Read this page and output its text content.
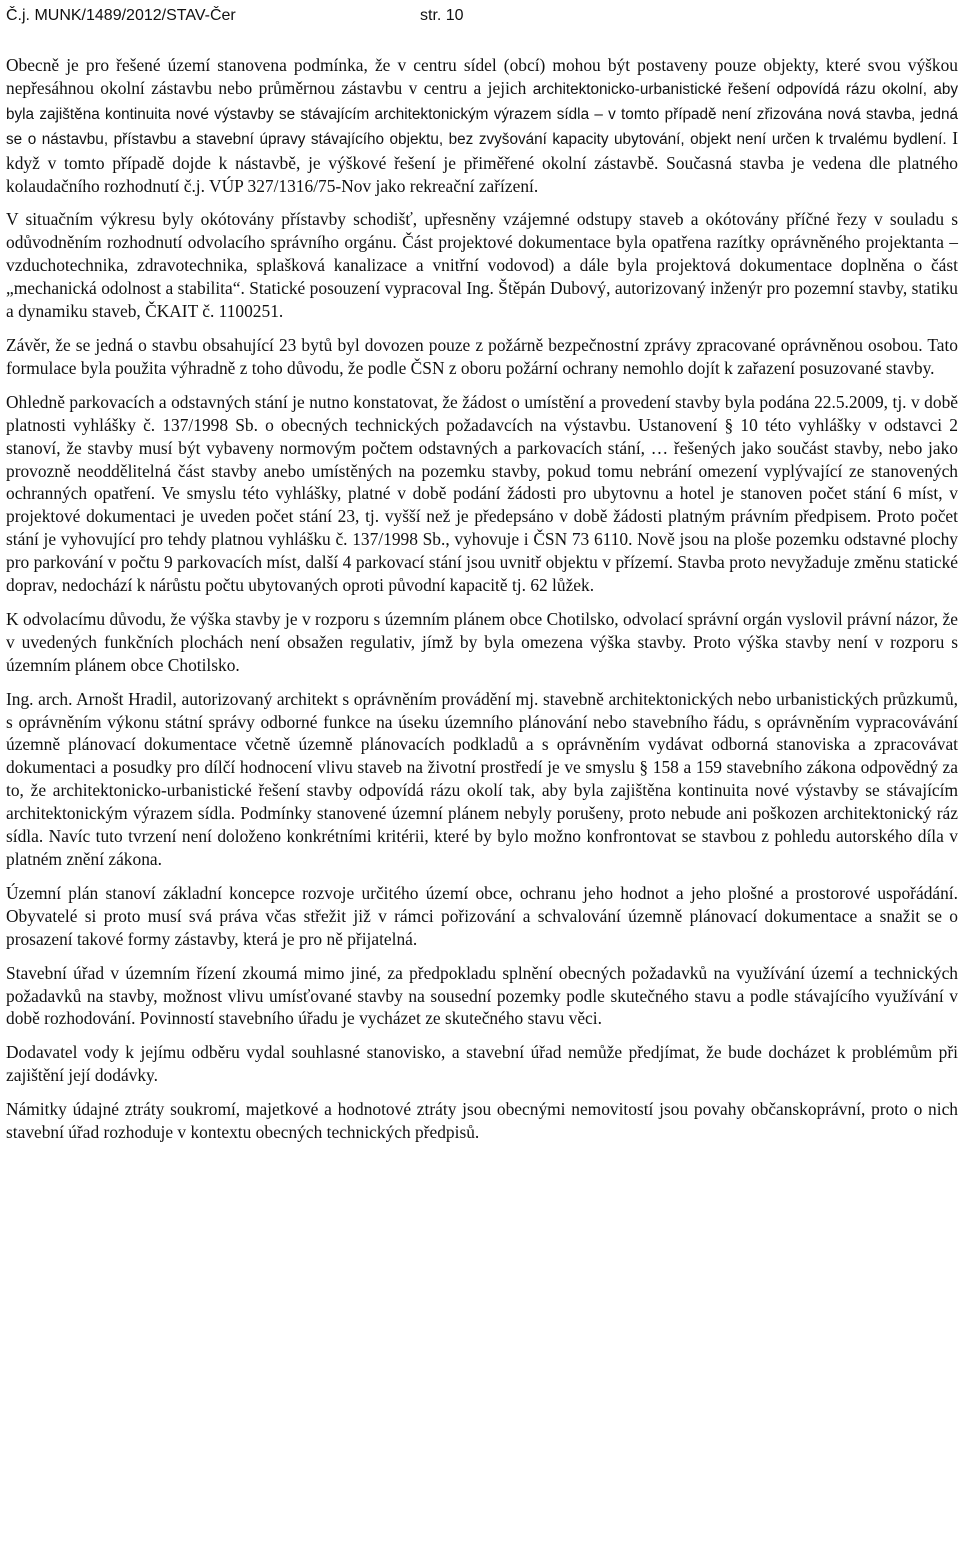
Č.j. MUNK/1489/2012/STAV-Čer	str. 10

Obecně je pro řešené území stanovena podmínka, že v centru sídel (obcí) mohou být postaveny pouze objekty, které svou výškou nepřesáhnou okolní zástavbu nebo průměrnou zástavbu v centru a jejich architektonicko-urbanistické řešení odpovídá rázu okolní, aby byla zajištěna kontinuita nové výstavby se stávajícím architektonickým výrazem sídla – v tomto případě není zřizována nová stavba, jedná se o nástavbu, přístavbu a stavební úpravy stávajícího objektu, bez zvyšování kapacity ubytování, objekt není určen k trvalému bydlení. I když v tomto případě dojde k nástavbě, je výškové řešení je přiměřené okolní zástavbě. Současná stavba je vedena dle platného kolaudačního rozhodnutí č.j. VÚP 327/1316/75-Nov jako rekreační zařízení.

V situačním výkresu byly okótovány přístavby schodišť, upřesněny vzájemné odstupy staveb a okótovány příčné řezy v souladu s odůvodněním rozhodnutí odvolacího správního orgánu. Část projektové dokumentace byla opatřena razítky oprávněného projektanta – vzduchotechnika, zdravotechnika, splašková kanalizace a vnitřní vodovod) a dále byla projektová dokumentace doplněna o část „mechanická odolnost a stabilita“. Statické posouzení vypracoval Ing. Štěpán Dubový, autorizovaný inženýr pro pozemní stavby, statiku a dynamiku staveb, ČKAIT č. 1100251.

Závěr, že se jedná o stavbu obsahující 23 bytů byl dovozen pouze z požárně bezpečnostní zprávy zpracované oprávněnou osobou. Tato formulace byla použita výhradně z toho důvodu, že podle ČSN z oboru požární ochrany nemohlo dojít k zařazení posuzované stavby.

Ohledně parkovacích a odstavných stání je nutno konstatovat, že žádost o umístění a provedení stavby byla podána 22.5.2009, tj. v době platnosti vyhlášky č. 137/1998 Sb. o obecných technických požadavcích na výstavbu. Ustanovení § 10 této vyhlášky v odstavci 2 stanoví, že stavby musí být vybaveny normovým počtem odstavných a parkovacích stání, … řešených jako součást stavby, nebo jako provozně neoddělitelná část stavby anebo umístěných na pozemku stavby, pokud tomu nebrání omezení vyplývající ze stanovených ochranných opatření. Ve smyslu této vyhlášky, platné v době podání žádosti pro ubytovnu a hotel je stanoven počet stání 6 míst, v projektové dokumentaci je uveden počet stání 23, tj. vyšší než je předepsáno v době žádosti platným právním předpisem. Proto počet stání je vyhovující pro tehdy platnou vyhlášku č. 137/1998 Sb., vyhovuje i ČSN 73 6110. Nově jsou na ploše pozemku odstavné plochy pro parkování v počtu 9 parkovacích míst, další 4 parkovací stání jsou uvnitř objektu v přízemí. Stavba proto nevyžaduje změnu statické doprav, nedochází k nárůstu počtu ubytovaných oproti původní kapacitě tj. 62 lůžek.

K odvolacímu důvodu, že výška stavby je v rozporu s územním plánem obce Chotilsko, odvolací správní orgán vyslovil právní názor, že v uvedených funkčních plochách není obsažen regulativ, jímž by byla omezena výška stavby. Proto výška stavby není v rozporu s územním plánem obce Chotilsko.

Ing. arch. Arnošt Hradil, autorizovaný architekt s oprávněním provádění mj. stavebně architektonických nebo urbanistických průzkumů, s oprávněním výkonu státní správy odborné funkce na úseku územního plánování nebo stavebního řádu, s oprávněním vypracovávání územně plánovací dokumentace včetně územně plánovacích podkladů a s oprávněním vydávat odborná stanoviska a zpracovávat dokumentaci a posudky pro dílčí hodnocení vlivu staveb na životní prostředí je ve smyslu § 158 a 159 stavebního zákona odpovědný za to, že architektonicko-urbanistické řešení stavby odpovídá rázu okolí tak, aby byla zajištěna kontinuita nové výstavby se stávajícím architektonickým výrazem sídla. Podmínky stanovené územní plánem nebyly porušeny, proto nebude ani poškozen architektonický ráz sídla. Navíc tuto tvrzení není doloženo konkrétními kritérii, které by bylo možno konfrontovat se stavbou z pohledu autorského díla v platném znění zákona.

Územní plán stanoví základní koncepce rozvoje určitého území obce, ochranu jeho hodnot a jeho plošné a prostorové uspořádání. Obyvatelé si proto musí svá práva včas střežit již v rámci pořizování a schvalování územně plánovací dokumentace a snažit se o prosazení takové formy zástavby, která je pro ně přijatelná.

Stavební úřad v územním řízení zkoumá mimo jiné, za předpokladu splnění obecných požadavků na využívání území a technických požadavků na stavby, možnost vlivu umísťované stavby na sousední pozemky podle skutečného stavu a podle stávajícího využívání v době rozhodování. Povinností stavebního úřadu je vycházet ze skutečného stavu věci.

Dodavatel vody k jejímu odběru vydal souhlasné stanovisko, a stavební úřad nemůže předjímat, že bude docházet k problémům při zajištění její dodávky.

Námitky údajné ztráty soukromí, majetkové a hodnotové ztráty jsou obecnými nemovitostí jsou povahy občanskoprávní, proto o nich stavební úřad rozhoduje v kontextu obecných technických předpisů.
